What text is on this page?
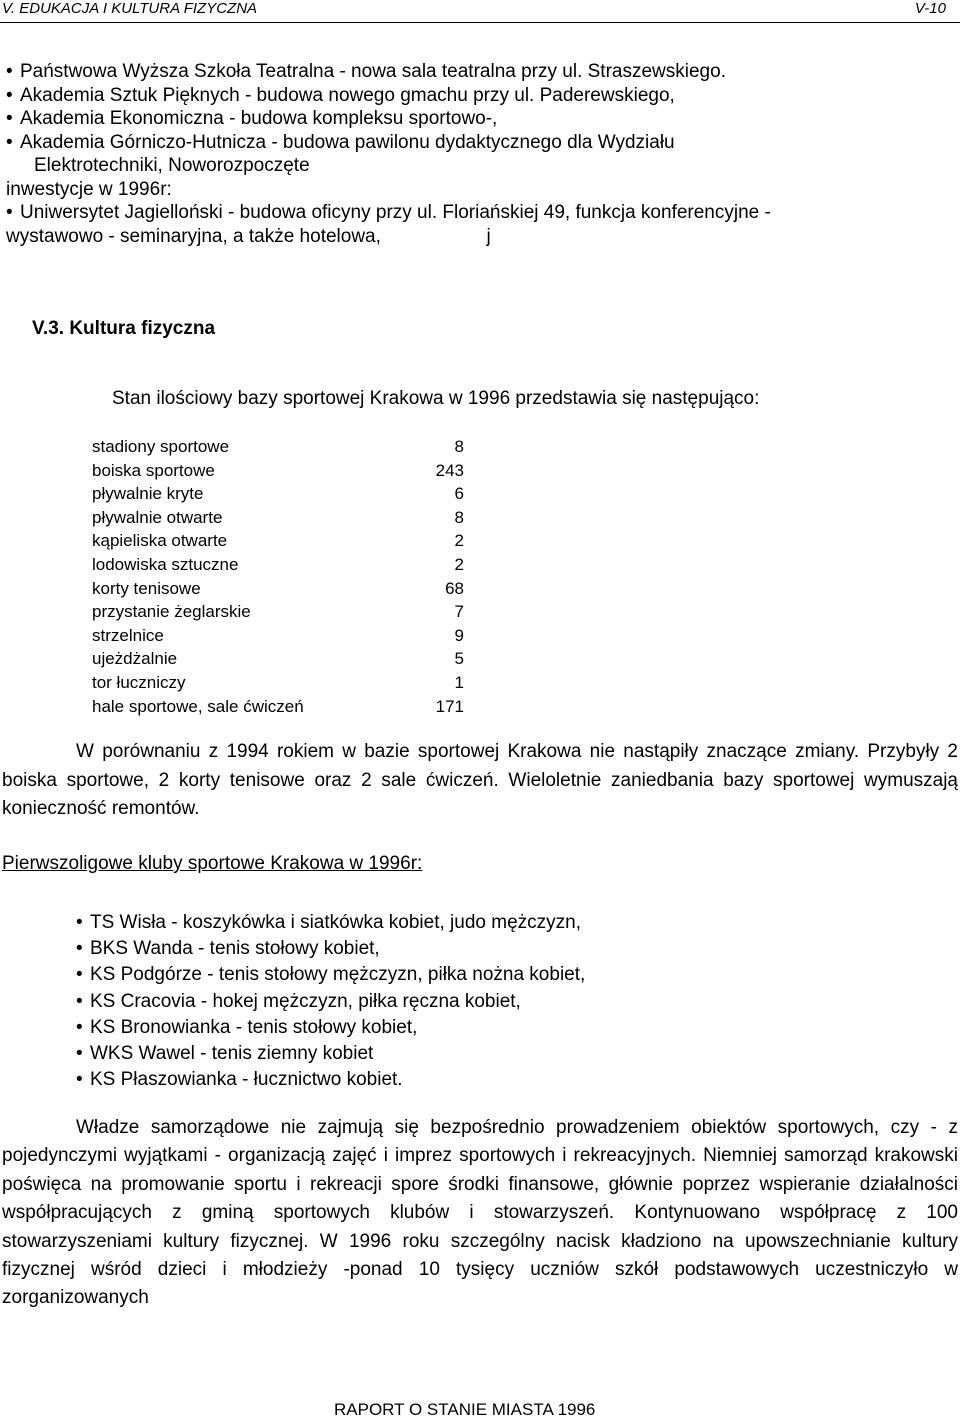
V. EDUKACJA I KULTURA FIZYCZNA	V-10
• Państwowa Wyższa Szkoła Teatralna - nowa sala teatralna przy ul. Straszewskiego.
• Akademia Sztuk Pięknych - budowa nowego gmachu przy ul. Paderewskiego,
• Akademia Ekonomiczna - budowa kompleksu sportowo-,
• Akademia Górniczo-Hutnicza - budowa pawilonu dydaktycznego dla Wydziału
Elektrotechniki, Noworozpoczęte
inwestycje w 1996r:
• Uniwersytet Jagielloński - budowa oficyny przy ul. Floriańskiej 49, funkcja konferencyjne -
wystawowo - seminaryjna, a także hotelowa,                    j
V.3. Kultura fizyczna
Stan ilościowy bazy sportowej Krakowa w 1996 przedstawia się następująco:
stadiony sportowe	8
boiska sportowe	243
pływalnie kryte	6
pływalnie otwarte	8
kąpieliska otwarte	2
lodowiska sztuczne	2
korty tenisowe	68
przystanie żeglarskie	7
strzelnice	9
ujeżdżalnie	5
tor łuczniczy	1
hale sportowe, sale ćwiczeń	171
W porównaniu z 1994 rokiem w bazie sportowej Krakowa nie nastąpiły znaczące zmiany. Przybyły 2 boiska sportowe, 2 korty tenisowe oraz 2 sale ćwiczeń. Wieloletnie zaniedbania bazy sportowej wymuszają konieczność remontów.
Pierwszoligowe kluby sportowe Krakowa w 1996r:
• TS Wisła - koszykówka i siatkówka kobiet, judo mężczyzn,
• BKS Wanda - tenis stołowy kobiet,
• KS Podgórze - tenis stołowy mężczyzn, piłka nożna kobiet,
• KS Cracovia - hokej mężczyzn, piłka ręczna kobiet,
• KS Bronowianka - tenis stołowy kobiet,
• WKS Wawel - tenis ziemny kobiet
• KS Płaszowianka - łucznictwo kobiet.
Władze samorządowe nie zajmują się bezpośrednio prowadzeniem obiektów sportowych, czy - z pojedynczymi wyjątkami - organizacją zajęć i imprez sportowych i rekreacyjnych. Niemniej samorząd krakowski poświęca na promowanie sportu i rekreacji spore środki finansowe, głównie poprzez wspieranie działalności współpracujących z gminą sportowych klubów i stowarzyszeń. Kontynuowano współpracę z 100 stowarzyszeniami kultury fizycznej. W 1996 roku szczególny nacisk kładziono na upowszechnianie kultury fizycznej wśród dzieci i młodzieży -ponad 10 tysięcy uczniów szkół podstawowych uczestniczyło w zorganizowanych
RAPORT O STANIE MIASTA 1996
